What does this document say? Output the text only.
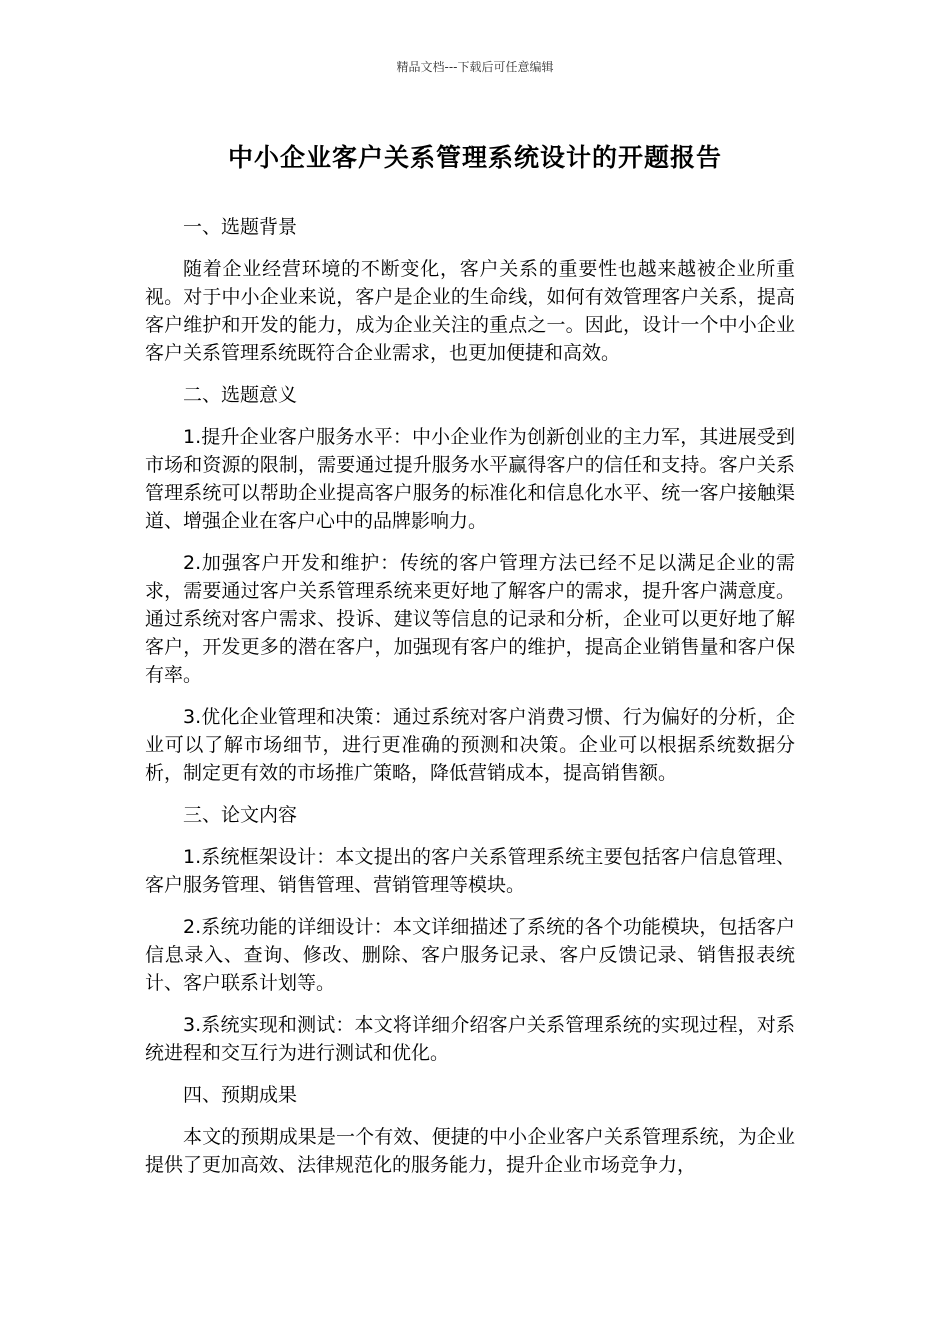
精品文档---下载后可任意编辑
中小企业客户关系管理系统设计的开题报告

一、选题背景

随着企业经营环境的不断变化，客户关系的重要性也越来越被企业所重视。对于中小企业来说，客户是企业的生命线，如何有效管理客户关系，提高客户维护和开发的能力，成为企业关注的重点之一。因此，设计一个中小企业客户关系管理系统既符合企业需求，也更加便捷和高效。

二、选题意义

1.提升企业客户服务水平：中小企业作为创新创业的主力军，其进展受到市场和资源的限制，需要通过提升服务水平赢得客户的信任和支持。客户关系管理系统可以帮助企业提高客户服务的标准化和信息化水平、统一客户接触渠道、增强企业在客户心中的品牌影响力。

2.加强客户开发和维护：传统的客户管理方法已经不足以满足企业的需求，需要通过客户关系管理系统来更好地了解客户的需求，提升客户满意度。通过系统对客户需求、投诉、建议等信息的记录和分析，企业可以更好地了解客户，开发更多的潜在客户，加强现有客户的维护，提高企业销售量和客户保有率。

3.优化企业管理和决策：通过系统对客户消费习惯、行为偏好的分析，企业可以了解市场细节，进行更准确的预测和决策。企业可以根据系统数据分析，制定更有效的市场推广策略，降低营销成本，提高销售额。

三、论文内容

1.系统框架设计：本文提出的客户关系管理系统主要包括客户信息管理、客户服务管理、销售管理、营销管理等模块。

2.系统功能的详细设计：本文详细描述了系统的各个功能模块，包括客户信息录入、查询、修改、删除、客户服务记录、客户反馈记录、销售报表统计、客户联系计划等。

3.系统实现和测试：本文将详细介绍客户关系管理系统的实现过程，对系统进程和交互行为进行测试和优化。

四、预期成果

本文的预期成果是一个有效、便捷的中小企业客户关系管理系统，为企业提供了更加高效、法律规范化的服务能力，提升企业市场竞争力，
